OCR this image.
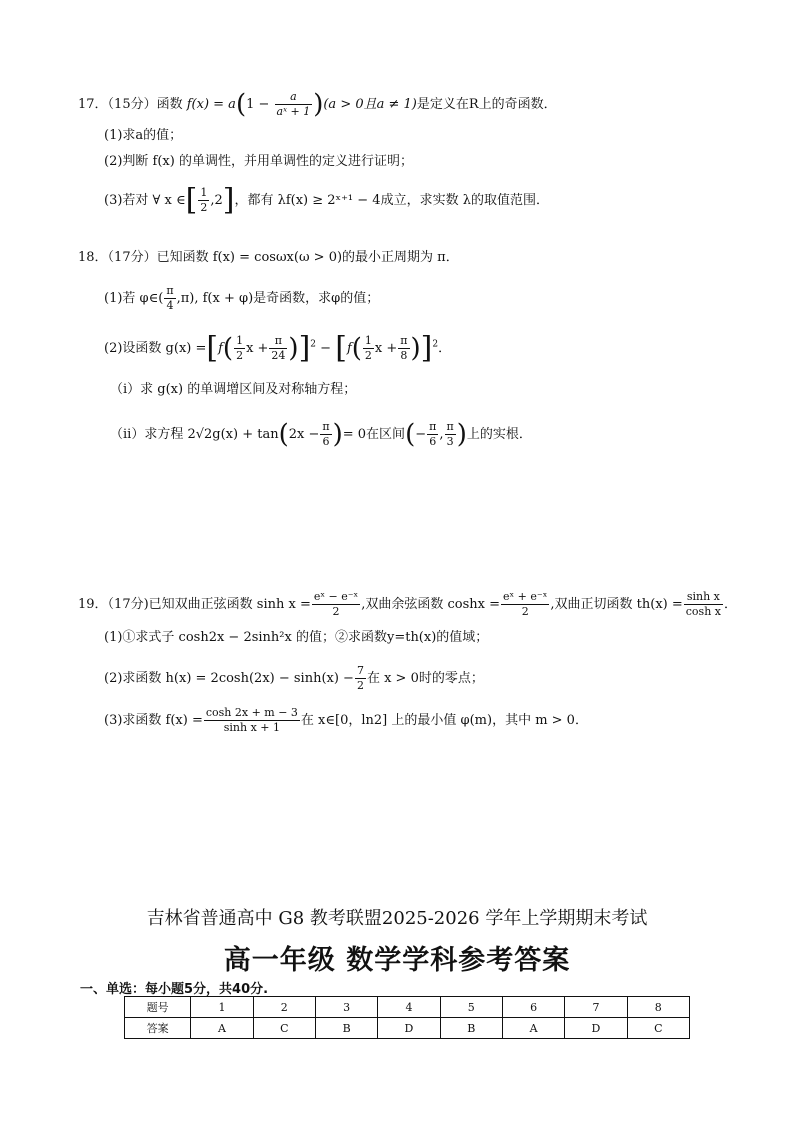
17．（15分）函数 $f(x) = a(1 - \frac{a}{\text{aˣ + 1}} )(a > 0$且a ≠ 1)是定义在R上的奇函数．
(1)求a的值；
(2)判断 f(x) 的单调性，并用单调性的定义进行证明；
(3)若对 ∀ x ∈[ $\frac{1}{2} ,2$]，都有 λf(x) ≥ 2ˣ⁺¹ − 4成立，求实数 λ的取值范围．
18．（17分）已知函数 f(x) = cosωx(ω > 0)的最小正周期为 π．
(1)若 φ∈( $\frac{\pi}{4} ,\pi$), f(x + φ)是奇函数，求φ的值；
(2)设函数 $g(x) =[f( \frac{1}{2}$ $x + \frac{\pi}{24} )]^2 - [f( \frac{1}{2}$ $x + \frac{\pi}{8} )]^2$．
（i）求 g(x) 的单调增区间及对称轴方程；
（ii）求方程 $2√2g(x) + \tan(2x - \frac{\pi}{6}$ )= 0在区间(− $\frac{\pi}{6}$ , $\frac{\pi}{3}$ )上的实根．
19．（17分)已知双曲正弦函数 $\sinh x = \frac{\text{eˣ − e⁻ˣ}}{2}$ ,双曲余弦函数 $\cosh x = \frac{\text{eˣ + e⁻ˣ}}{2}$ ,双曲正切函数 $th(x) = \frac{\text{sinh x}}{\text{cosh x}}$ ．
(1)①求式子 cosh2x − 2sinh²x 的值；②求函数y=th(x)的值域；
(2)求函数 $h(x) = 2\cosh(2x) - \sinh(x) - \frac{7}{2}$ 在 x > 0时的零点；
(3)求函数 $f(x) = \frac{\cosh 2x + m - 3}{\text{sinh x + 1}}$ 在 x∈[0，ln2] 上的最小值 φ(m)，其中 m > 0．
吉林省普通高中 G8 教考联盟2025-2026 学年上学期期末考试
高一年级 数学学科参考答案
一、单选：每小题5分，共40分.
题号	1	2	3	4	5	6	7	8
答案	A	C	B	D	B	A	D	C
